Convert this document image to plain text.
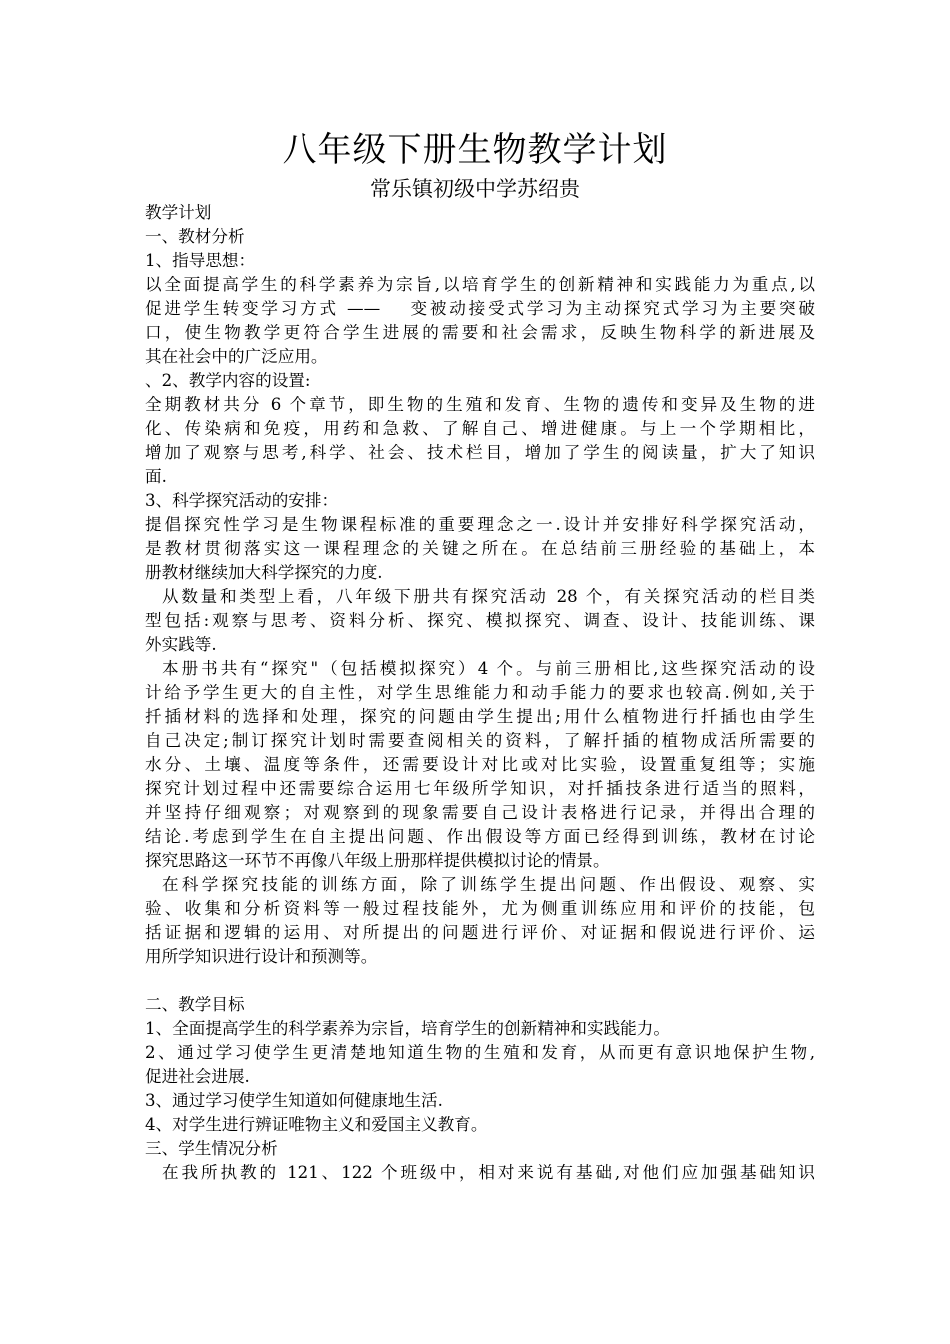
八年级下册生物教学计划
常乐镇初级中学苏绍贵
教学计划
一、教材分析
1、指导思想：
以全面提高学生的科学素养为宗旨,以培育学生的创新精神和实践能力为重点,以
促进学生转变学习方式 ——　 变被动接受式学习为主动探究式学习为主要突破
口，使生物教学更符合学生进展的需要和社会需求，反映生物科学的新进展及
其在社会中的广泛应用。
、2、教学内容的设置:
全期教材共分 6 个章节，即生物的生殖和发育、生物的遗传和变异及生物的进
化、传染病和免疫，用药和急救、了解自己、增进健康。与上一个学期相比，
增加了观察与思考,科学、社会、技术栏目，增加了学生的阅读量，扩大了知识
面.
3、科学探究活动的安排：
提倡探究性学习是生物课程标准的重要理念之一.设计并安排好科学探究活动，
是教材贯彻落实这一课程理念的关键之所在。在总结前三册经验的基础上，本
册教材继续加大科学探究的力度.
从数量和类型上看，八年级下册共有探究活动 28 个，有关探究活动的栏目类
型包括:观察与思考、资料分析、探究、模拟探究、调查、设计、技能训练、课
外实践等.
本册书共有“探究"（包括模拟探究）4 个。与前三册相比,这些探究活动的设
计给予学生更大的自主性，对学生思维能力和动手能力的要求也较高.例如,关于
扦插材料的选择和处理，探究的问题由学生提出;用什么植物进行扦插也由学生
自己决定;制订探究计划时需要查阅相关的资料，了解扦插的植物成活所需要的
水分、土壤、温度等条件，还需要设计对比或对比实验，设置重复组等；实施
探究计划过程中还需要综合运用七年级所学知识，对扦插技条进行适当的照料，
并坚持仔细观察；对观察到的现象需要自己设计表格进行记录，并得出合理的
结论.考虑到学生在自主提出问题、作出假设等方面已经得到训练，教材在讨论
探究思路这一环节不再像八年级上册那样提供模拟讨论的情景。
在科学探究技能的训练方面，除了训练学生提出问题、作出假设、观察、实
验、收集和分析资料等一般过程技能外，尤为侧重训练应用和评价的技能，包
括证据和逻辑的运用、对所提出的问题进行评价、对证据和假说进行评价、运
用所学知识进行设计和预测等。
二、教学目标
1、全面提高学生的科学素养为宗旨，培育学生的创新精神和实践能力。
2、通过学习使学生更清楚地知道生物的生殖和发育，从而更有意识地保护生物,
促进社会进展.
3、通过学习使学生知道如何健康地生活.
4、对学生进行辨证唯物主义和爱国主义教育。
三、学生情况分析
在我所执教的 121、122 个班级中，相对来说有基础,对他们应加强基础知识
